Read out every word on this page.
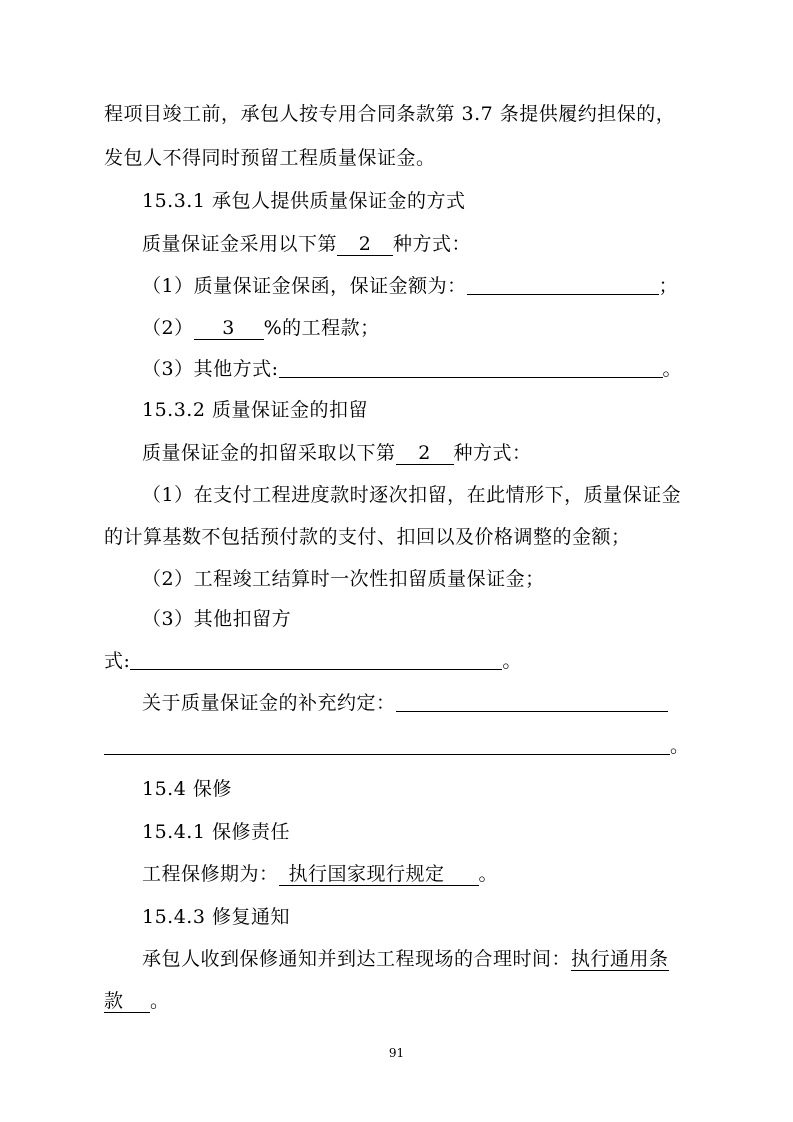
程项目竣工前，承包人按专用合同条款第 3.7 条提供履约担保的，
发包人不得同时预留工程质量保证金。
15.3.1 承包人提供质量保证金的方式
质量保证金采用以下第 2 种方式：
（1）质量保证金保函，保证金额为：	；
（2） 3 %的工程款；
（3）其他方式:	。
15.3.2 质量保证金的扣留
质量保证金的扣留采取以下第 2 种方式：
（1）在支付工程进度款时逐次扣留，在此情形下，质量保证金
的计算基数不包括预付款的支付、扣回以及价格调整的金额；
（2）工程竣工结算时一次性扣留质量保证金；
（3）其他扣留方
式:	。
关于质量保证金的补充约定：
。
15.4 保修
15.4.1 保修责任
工程保修期为： 执行国家现行规定 。
15.4.3 修复通知
承包人收到保修通知并到达工程现场的合理时间：执行通用条
款 。
91
